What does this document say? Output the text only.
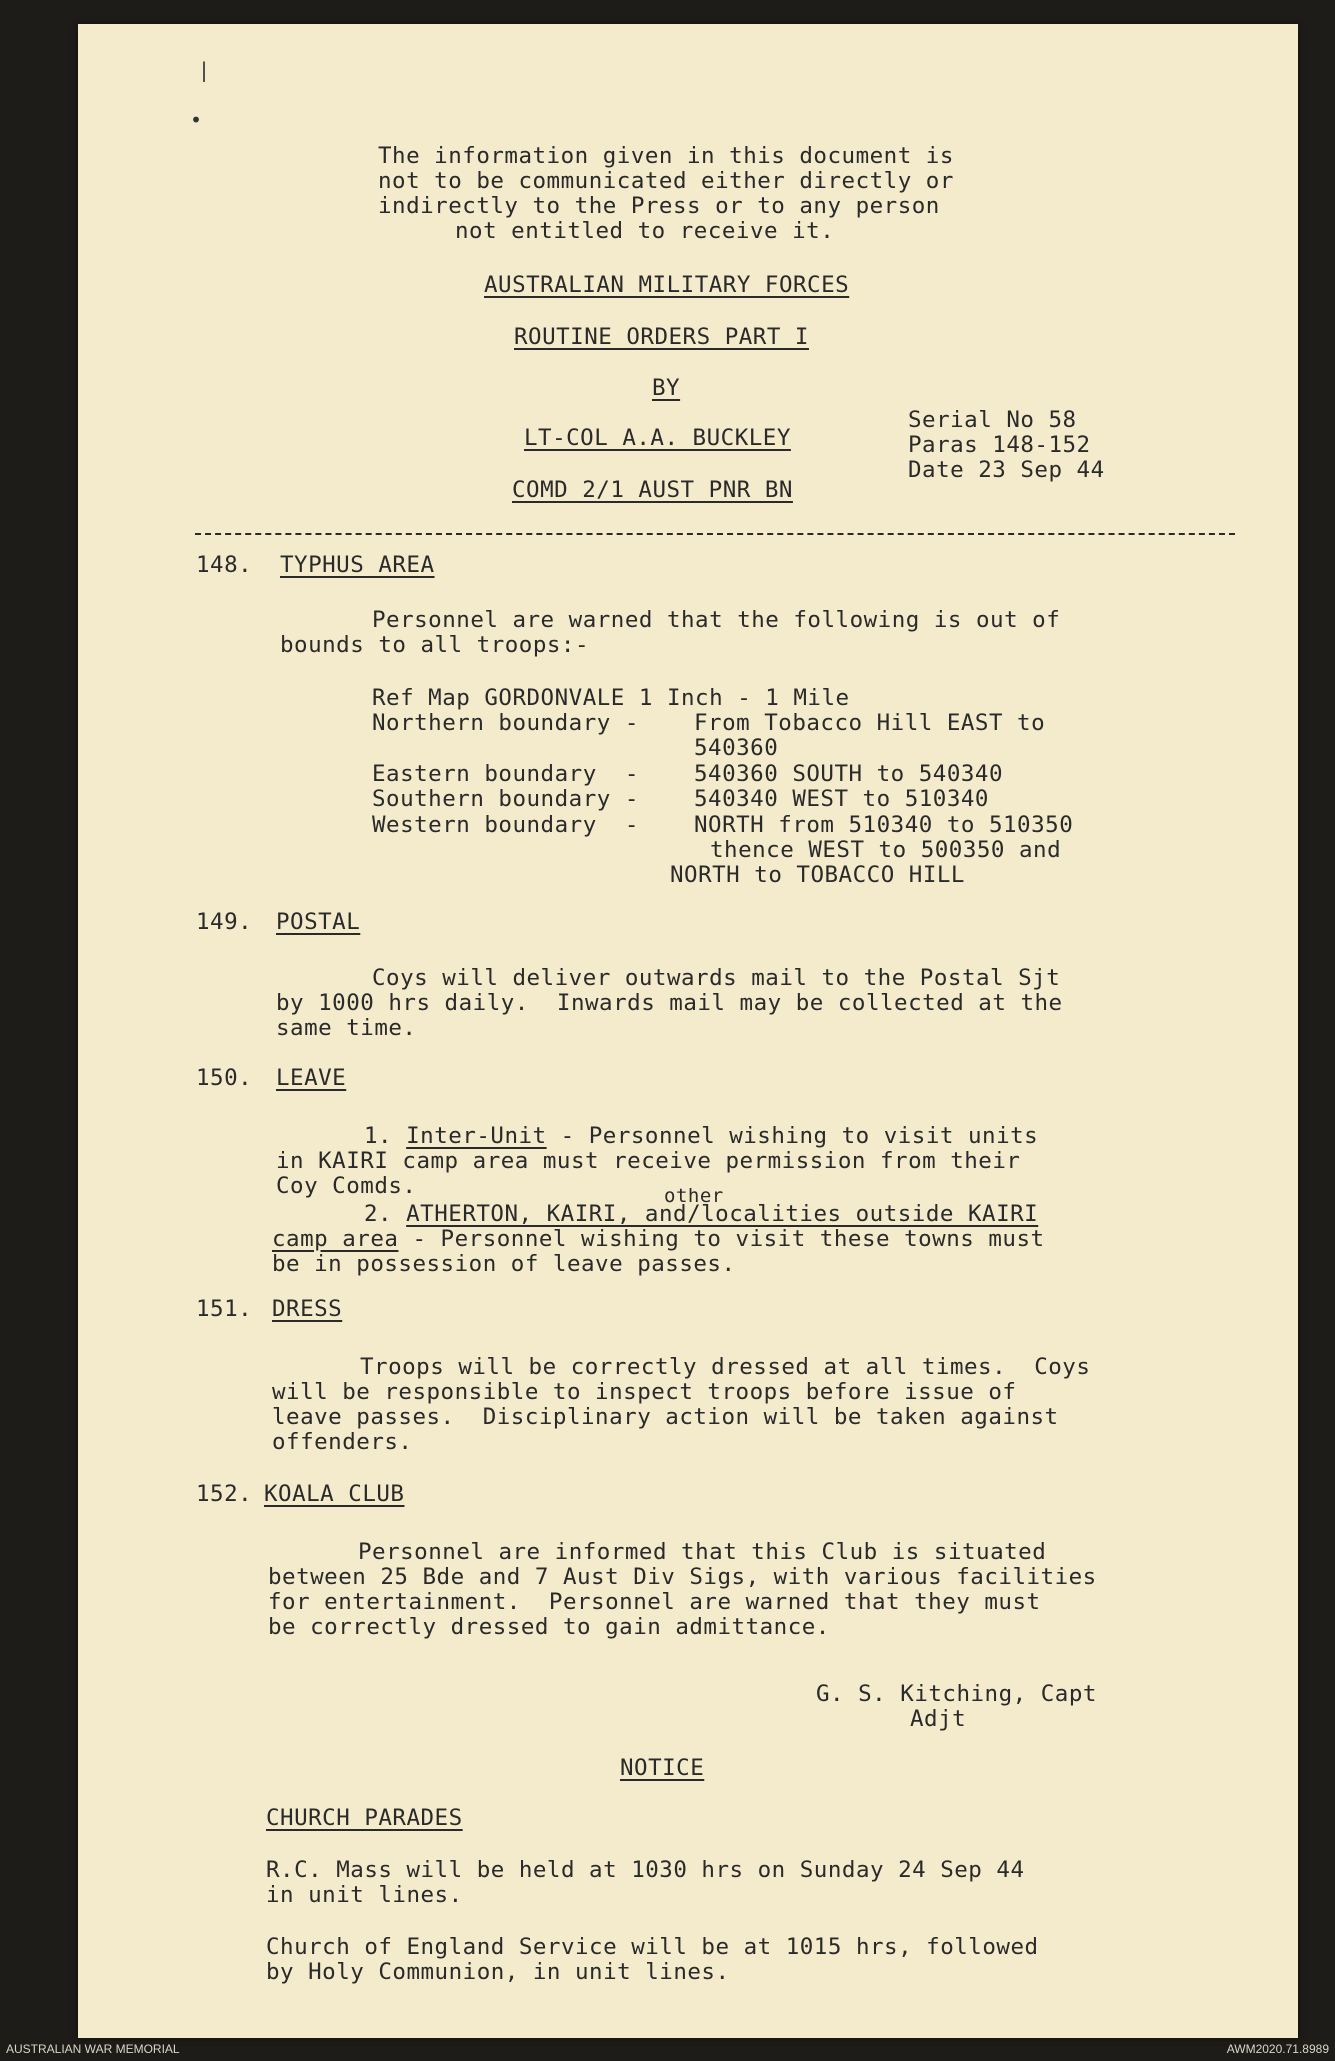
|
•
The information given in this document is
not to be communicated either directly or
indirectly to the Press or to any person
not entitled to receive it.
AUSTRALIAN MILITARY FORCES
ROUTINE ORDERS PART I
BY
LT-COL A.A. BUCKLEY
COMD 2/1 AUST PNR BN
Serial No 58
Paras 148-152
Date 23 Sep 44
148. TYPHUS AREA
Personnel are warned that the following is out of
bounds to all troops:-
Ref Map GORDONVALE 1 Inch - 1 Mile
Northern boundary - From Tobacco Hill EAST to
540360
Eastern boundary  - 540360 SOUTH to 540340
Southern boundary - 540340 WEST to 510340
Western boundary  - NORTH from 510340 to 510350
thence WEST to 500350 and
NORTH to TOBACCO HILL
149. POSTAL
Coys will deliver outwards mail to the Postal Sjt
by 1000 hrs daily.  Inwards mail may be collected at the
same time.
150. LEAVE
1. Inter-Unit - Personnel wishing to visit units
in KAIRI camp area must receive permission from their
Coy Comds.	other
2. ATHERTON, KAIRI, and/localities outside KAIRI
camp area - Personnel wishing to visit these towns must
be in possession of leave passes.
151. DRESS
Troops will be correctly dressed at all times.  Coys
will be responsible to inspect troops before issue of
leave passes.  Disciplinary action will be taken against
offenders.
152. KOALA CLUB
Personnel are informed that this Club is situated
between 25 Bde and 7 Aust Div Sigs, with various facilities
for entertainment.  Personnel are warned that they must
be correctly dressed to gain admittance.
G. S. Kitching, Capt
Adjt
NOTICE
CHURCH PARADES
R.C. Mass will be held at 1030 hrs on Sunday 24 Sep 44
in unit lines.
Church of England Service will be at 1015 hrs, followed
by Holy Communion, in unit lines.
AUSTRALIAN WAR MEMORIAL	AWM2020.71.8989
